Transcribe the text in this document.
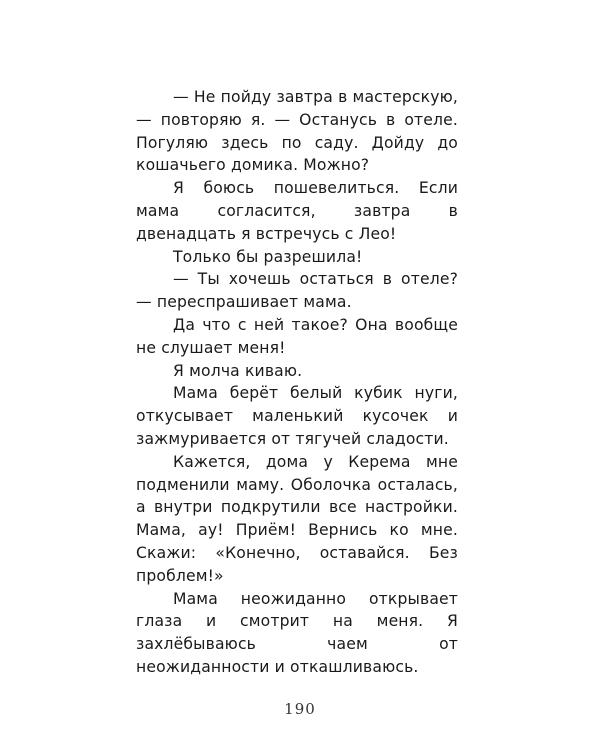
— Не пойду завтра в мастерскую, — повторяю я. — Останусь в отеле. Погуляю здесь по саду. Дойду до кошачьего домика. Можно?

Я боюсь пошевелиться. Если мама согласится, завтра в двенадцать я встречусь с Лео!

Только бы разрешила!

— Ты хочешь остаться в отеле? — переспрашивает мама.

Да что с ней такое? Она вообще не слушает меня!

Я молча киваю.

Мама берёт белый кубик нуги, откусывает маленький кусочек и зажмуривается от тягучей сладости.

Кажется, дома у Керема мне подменили маму. Оболочка осталась, а внутри подкрутили все настройки. Мама, ау! Приём! Вернись ко мне. Скажи: «Конечно, оставайся. Без проблем!»

Мама неожиданно открывает глаза и смотрит на меня. Я захлёбываюсь чаем от неожиданности и откашливаюсь.

190
